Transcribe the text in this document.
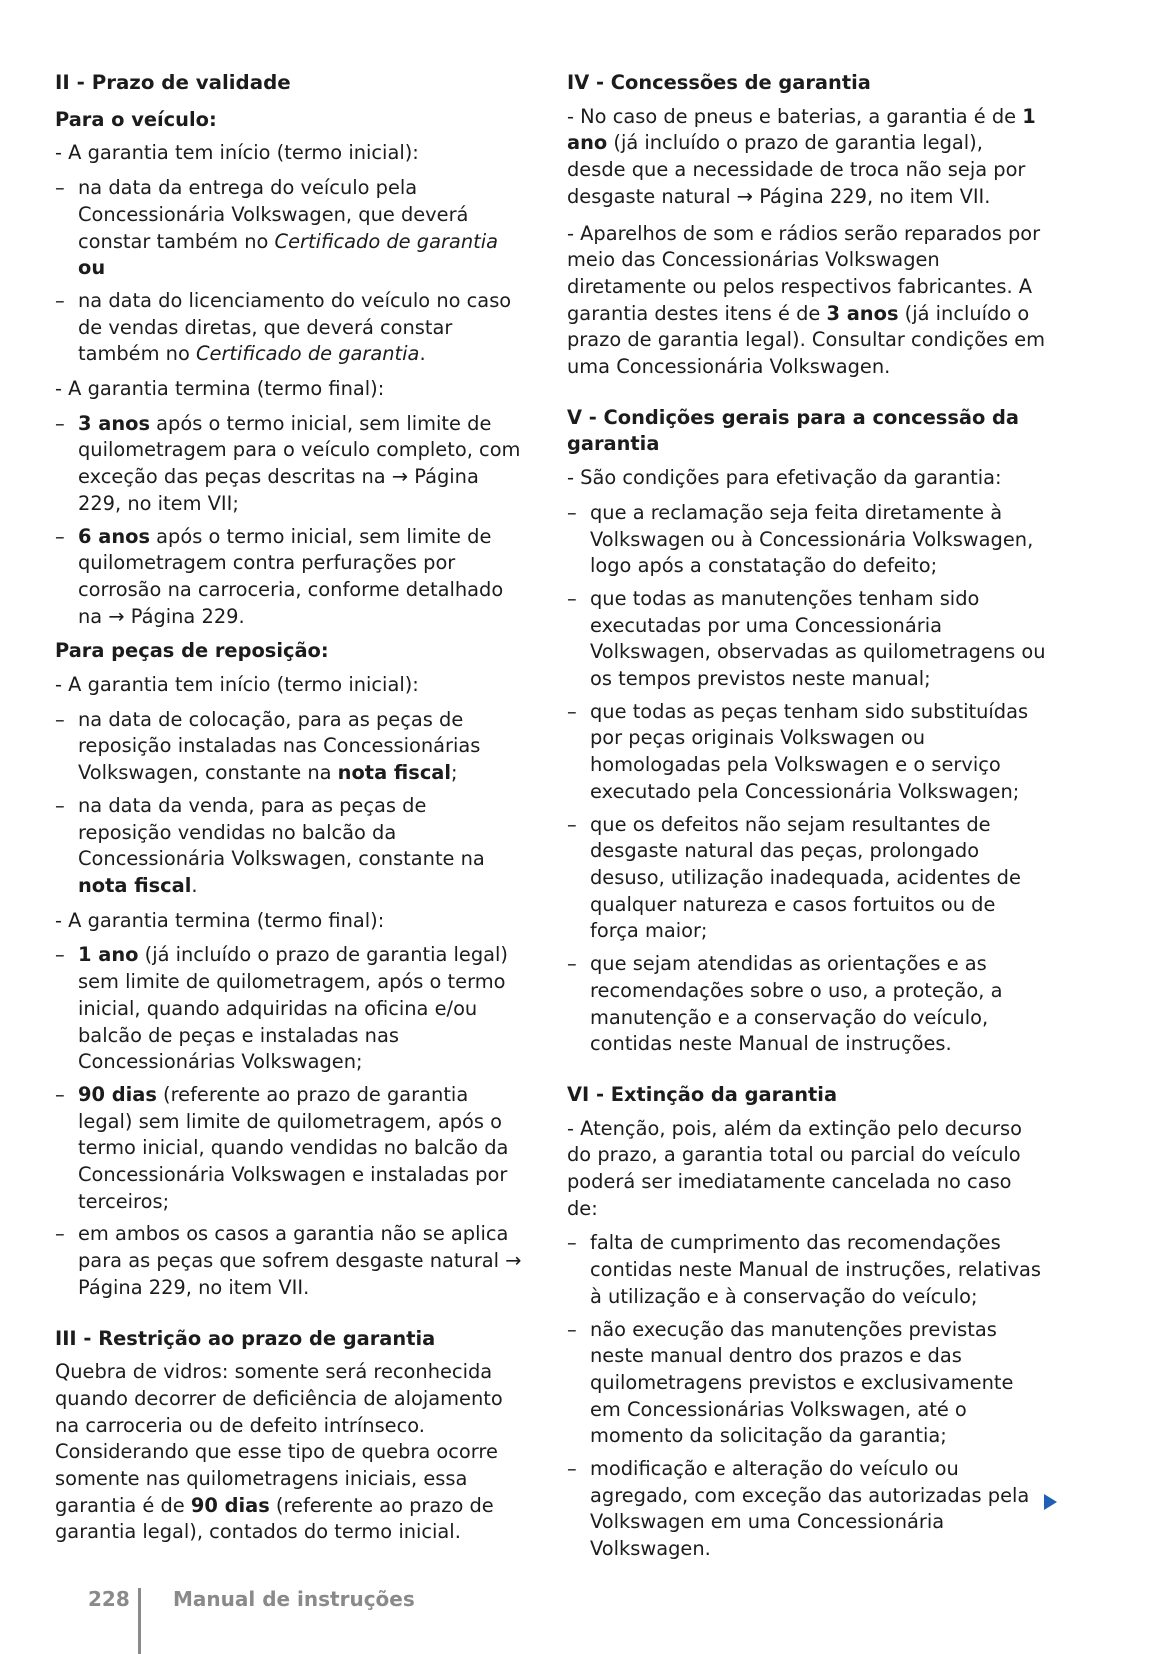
II - Prazo de validade
Para o veículo:
- A garantia tem início (termo inicial):
– na data da entrega do veículo pela Concessionária Volkswagen, que deverá constar também no Certificado de garantia ou
– na data do licenciamento do veículo no caso de vendas diretas, que deverá constar também no Certificado de garantia.
- A garantia termina (termo final):
– 3 anos após o termo inicial, sem limite de quilometragem para o veículo completo, com exceção das peças descritas na → Página 229, no item VII;
– 6 anos após o termo inicial, sem limite de quilometragem contra perfurações por corrosão na carroceria, conforme detalhado na → Página 229.
Para peças de reposição:
- A garantia tem início (termo inicial):
– na data de colocação, para as peças de reposição instaladas nas Concessionárias Volkswagen, constante na nota fiscal;
– na data da venda, para as peças de reposição vendidas no balcão da Concessionária Volkswagen, constante na nota fiscal.
- A garantia termina (termo final):
– 1 ano (já incluído o prazo de garantia legal) sem limite de quilometragem, após o termo inicial, quando adquiridas na oficina e/ou balcão de peças e instaladas nas Concessionárias Volkswagen;
– 90 dias (referente ao prazo de garantia legal) sem limite de quilometragem, após o termo inicial, quando vendidas no balcão da Concessionária Volkswagen e instaladas por terceiros;
– em ambos os casos a garantia não se aplica para as peças que sofrem desgaste natural → Página 229, no item VII.
III - Restrição ao prazo de garantia
Quebra de vidros: somente será reconhecida quando decorrer de deficiência de alojamento na carroceria ou de defeito intrínseco. Considerando que esse tipo de quebra ocorre somente nas quilometragens iniciais, essa garantia é de 90 dias (referente ao prazo de garantia legal), contados do termo inicial.
IV - Concessões de garantia
- No caso de pneus e baterias, a garantia é de 1 ano (já incluído o prazo de garantia legal), desde que a necessidade de troca não seja por desgaste natural → Página 229, no item VII.
- Aparelhos de som e rádios serão reparados por meio das Concessionárias Volkswagen diretamente ou pelos respectivos fabricantes. A garantia destes itens é de 3 anos (já incluído o prazo de garantia legal). Consultar condições em uma Concessionária Volkswagen.
V - Condições gerais para a concessão da garantia
- São condições para efetivação da garantia:
– que a reclamação seja feita diretamente à Volkswagen ou à Concessionária Volkswagen, logo após a constatação do defeito;
– que todas as manutenções tenham sido executadas por uma Concessionária Volkswagen, observadas as quilometragens ou os tempos previstos neste manual;
– que todas as peças tenham sido substituídas por peças originais Volkswagen ou homologadas pela Volkswagen e o serviço executado pela Concessionária Volkswagen;
– que os defeitos não sejam resultantes de desgaste natural das peças, prolongado desuso, utilização inadequada, acidentes de qualquer natureza e casos fortuitos ou de força maior;
– que sejam atendidas as orientações e as recomendações sobre o uso, a proteção, a manutenção e a conservação do veículo, contidas neste Manual de instruções.
VI - Extinção da garantia
- Atenção, pois, além da extinção pelo decurso do prazo, a garantia total ou parcial do veículo poderá ser imediatamente cancelada no caso de:
– falta de cumprimento das recomendações contidas neste Manual de instruções, relativas à utilização e à conservação do veículo;
– não execução das manutenções previstas neste manual dentro dos prazos e das quilometragens previstos e exclusivamente em Concessionárias Volkswagen, até o momento da solicitação da garantia;
– modificação e alteração do veículo ou agregado, com exceção das autorizadas pela Volkswagen em uma Concessionária Volkswagen.
228 Manual de instruções
